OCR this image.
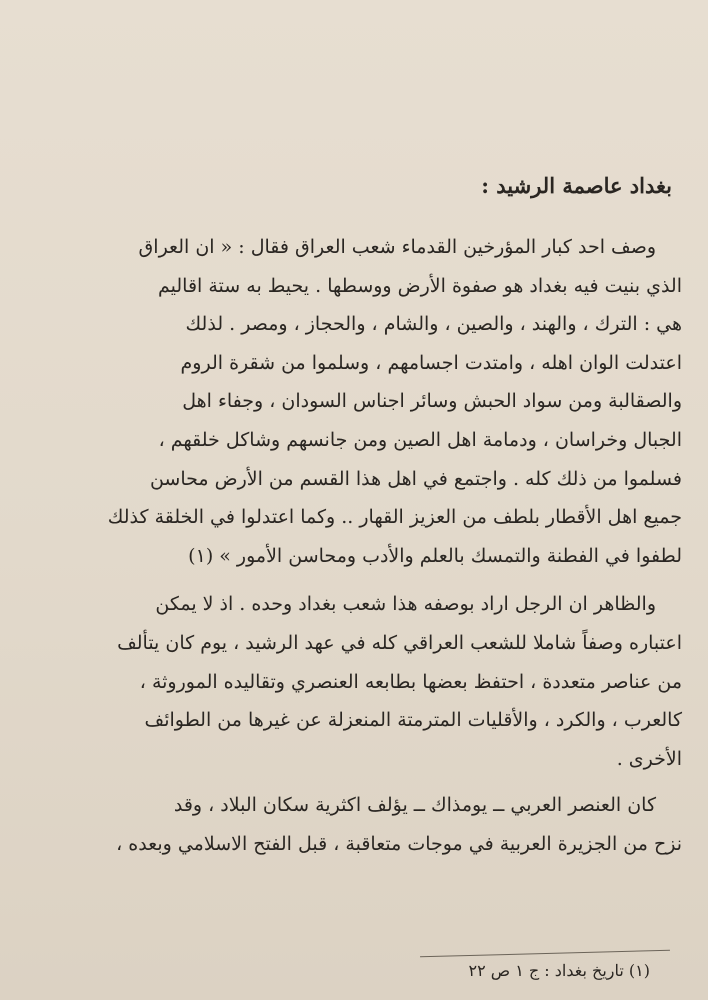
بغداد عاصمة الرشيد :
وصف احد كبار المؤرخين القدماء شعب العراق فقال : « ان العراق
الذي بنيت فيه بغداد هو صفوة الأرض ووسطها . يحيط به ستة اقاليم
هي : الترك ، والهند ، والصين ، والشام ، والحجاز ، ومصر . لذلك
اعتدلت الوان اهله ، وامتدت اجسامهم ، وسلموا من شقرة الروم
والصقالبة ومن سواد الحبش وسائر اجناس السودان ، وجفاء اهل
الجبال وخراسان ، ودمامة اهل الصين ومن جانسهم وشاكل خلقهم ،
فسلموا من ذلك كله . واجتمع في اهل هذا القسم من الأرض محاسن
جميع اهل الأقطار بلطف من العزيز القهار .. وكما اعتدلوا في الخلقة كذلك
لطفوا في الفطنة والتمسك بالعلم والأدب ومحاسن الأمور » (١)
والظاهر ان الرجل اراد بوصفه هذا شعب بغداد وحده . اذ لا يمكن
اعتباره وصفاً شاملا للشعب العراقي كله في عهد الرشيد ، يوم كان يتألف
من عناصر متعددة ، احتفظ بعضها بطابعه العنصري وتقاليده الموروثة ،
كالعرب ، والكرد ، والأقليات المترمتة المنعزلة عن غيرها من الطوائف
الأخرى .
كان العنصر العربي ــ يومذاك ــ يؤلف اكثرية سكان البلاد ، وقد
نزح من الجزيرة العربية في موجات متعاقبة ، قبل الفتح الاسلامي وبعده ،
(١) تاريخ بغداد : ج ١ ص ٢٢
